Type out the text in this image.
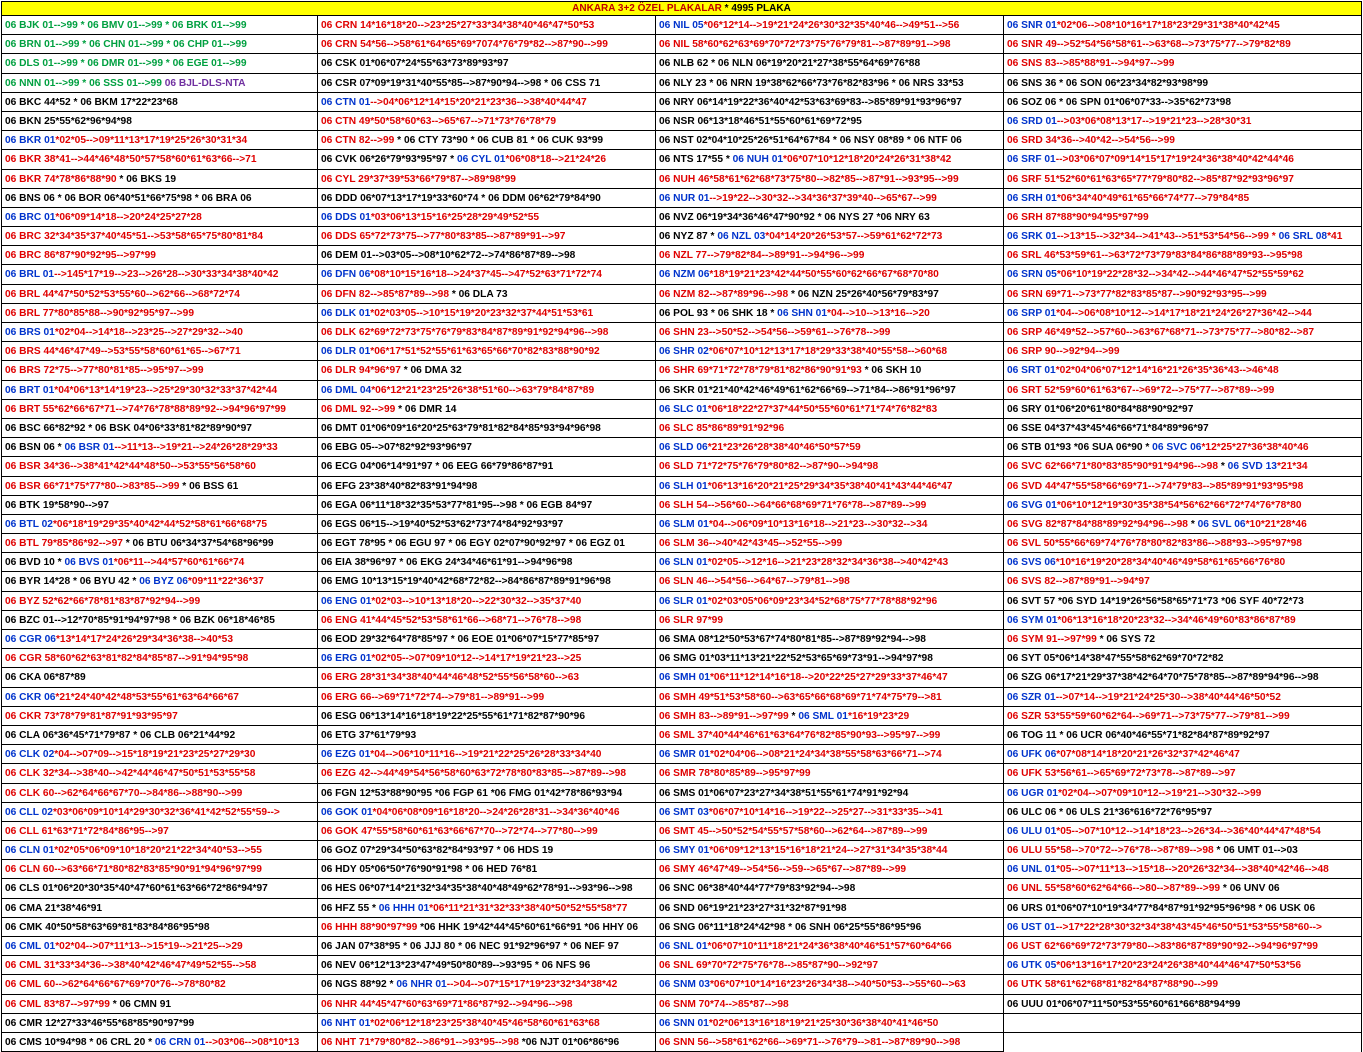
ANKARA 3+2 ÖZEL PLAKALAR * 4995 PLAKA
06 BJK 01-->99 * 06 BMV 01-->99 * 06 BRK 01-->99
06 BRN 01-->99 * 06 CHN 01-->99 * 06 CHP 01-->99
06 DLS 01-->99 * 06 DMR 01-->99 * 06 EGE 01-->99
06 NNN 01-->99 * 06 SSS 01-->99 06 BJL-DLS-NTA
06 BKC 44*52 * 06 BKM 17*22*23*68
06 BKN 25*55*62*96*94*98
06 BKR 01*02*05-->09*11*13*17*19*25*26*30*31*34
06 BKR 38*41-->44*46*48*50*57*58*60*61*63*66-->71
06 BKR 74*78*86*88*90 * 06 BKS 19
06 BNS 06 * 06 BOR 06*40*51*66*75*98 * 06 BRA 06
06 BRC 01*06*09*14*18-->20*24*25*27*28
06 BRC 32*34*35*37*40*45*51-->53*58*65*75*80*81*84
06 BRC 86*87*90*92*95-->97*99
06 BRL 01-->145*17*19-->23-->26*28-->30*33*34*38*40*42
06 BRL 44*47*50*52*53*55*60-->62*66-->68*72*74
06 BRL 77*80*85*88-->90*92*95*97-->99
06 BRS 01*02*04-->14*18-->23*25-->27*29*32-->40
06 BRS 44*46*47*49-->53*55*58*60*61*65-->67*71
06 BRS 72*75-->77*80*81*85-->95*97-->99
06 BRT 01*04*06*13*14*19*23-->25*29*30*32*33*37*42*44
06 BRT 55*62*66*67*71-->74*76*78*88*89*92-->94*96*97*99
06 BSC 66*82*92 * 06 BSK 04*06*33*81*82*89*90*97
06 BSN 06 * 06 BSR 01-->11*13-->19*21-->24*26*28*29*33
06 BSR 34*36-->38*41*42*44*48*50-->53*55*56*58*60
06 BSR 66*71*75*77*80-->83*85-->99 * 06 BSS 61
06 BTK 19*58*90-->97
06 BTL 02*06*18*19*29*35*40*42*44*52*58*61*66*68*75
06 BTL 79*85*86*92-->97 * 06 BTU 06*34*37*54*68*96*99
06 BVD 10 * 06 BVS 01*06*11-->44*57*60*61*66*74
06 BYR 14*28 * 06 BYU 42 * 06 BYZ 06*09*11*22*36*37
06 BYZ 52*62*66*78*81*83*87*92*94-->99
06 BZC 01-->12*70*85*91*94*97*98 * 06 BZK 06*18*46*85
06 CGR 06*13*14*17*24*26*29*34*36*38-->40*53
06 CGR 58*60*62*63*81*82*84*85*87-->91*94*95*98
06 CKA 06*87*89
06 CKR 06*21*24*40*42*48*53*55*61*63*64*66*67
06 CKR 73*78*79*81*87*91*93*95*97
06 CLA 06*36*45*71*79*87 * 06 CLB 06*21*44*92
06 CLK 02*04-->07*09-->15*18*19*21*23*25*27*29*30
06 CLK 32*34-->38*40-->42*44*46*47*50*51*53*55*58
06 CLK 60-->62*64*66*67*70-->84*86-->88*90-->99
06 CLL 02*03*06*09*10*14*29*30*32*36*41*42*52*55*59-->
06 CLL 61*63*71*72*84*86*95-->97
06 CLN 01*02*05*06*09*10*18*20*21*22*34*40*53-->55
06 CLN 60-->63*66*71*80*82*83*85*90*91*94*96*97*99
06 CLS 01*06*20*30*35*40*47*60*61*63*66*72*86*94*97
06 CMA 21*38*46*91
06 CMK 40*50*58*63*69*81*83*84*86*95*98
06 CML 01*02*04-->07*11*13-->15*19-->21*25-->29
06 CML 31*33*34*36-->38*40*42*46*47*49*52*55-->58
06 CML 60-->62*64*66*67*69*70*76-->78*80*82
06 CML 83*87-->97*99 * 06 CMN 91
06 CMR 12*27*33*46*55*68*85*90*97*99
06 CMS 10*94*98 * 06 CRL 20 * 06 CRN 01-->03*06-->08*10*13
06 CRN 14*16*18*20-->23*25*27*33*34*38*40*46*47*50*53
06 CRN 54*56-->58*61*64*65*69*7074*76*79*82-->87*90-->99
06 CSK 01*06*07*24*55*63*73*89*93*97
06 CSR 07*09*19*31*40*55*85-->87*90*94-->98 * 06 CSS 71
06 CTN 01-->04*06*12*14*15*20*21*23*36-->38*40*44*47
06 CTN 49*50*58*60*63-->65*67-->71*73*76*78*79
06 CTN 82-->99 * 06 CTY 73*90 * 06 CUB 81 * 06 CUK 93*99
06 CVK 06*26*79*93*95*97 * 06 CYL 01*06*08*18-->21*24*26
06 CYL 29*37*39*53*66*79*87-->89*98*99
06 DDD 06*07*13*17*19*33*60*74 * 06 DDM 06*62*79*84*90
06 DDS 01*03*06*13*15*16*25*28*29*49*52*55
06 DDS 65*72*73*75-->77*80*83*85-->87*89*91-->97
06 DEM 01-->03*05-->08*10*62*72-->74*86*87*89-->98
06 DFN 06*08*10*15*16*18-->24*37*45-->47*52*63*71*72*74
06 DFN 82-->85*87*89-->98 * 06 DLA 73
06 DLK 01*02*03*05-->10*15*19*20*23*32*37*44*51*53*61
06 DLK 62*69*72*73*75*76*79*83*84*87*89*91*92*94*96-->98
06 DLR 01*06*17*51*52*55*61*63*65*66*70*82*83*88*90*92
06 DLR 94*96*97 * 06 DMA 32
06 DML 04*06*12*21*23*25*26*38*51*60-->63*79*84*87*89
06 DML 92-->99 * 06 DMR 14
06 DMT 01*06*09*16*20*25*63*79*81*82*84*85*93*94*96*98
06 EBG 05-->07*82*92*93*96*97
06 ECG 04*06*14*91*97 * 06 EEG 66*79*86*87*91
06 EFG 23*38*40*82*83*91*94*98
06 EGA 06*11*18*32*35*53*77*81*95-->98 * 06 EGB 84*97
06 EGS 06*15-->19*40*52*53*62*73*74*84*92*93*97
06 EGT 78*95 * 06 EGU 97 * 06 EGY 02*07*90*92*97 * 06 EGZ 01
06 EIA 38*96*97 * 06 EKG 24*34*46*61*91-->94*96*98
06 EMG 10*13*15*19*40*42*68*72*82-->84*86*87*89*91*96*98
06 ENG 01*02*03-->10*13*18*20-->22*30*32-->35*37*40
06 ENG 41*44*45*52*53*58*61*66-->68*71-->76*78-->98
06 EOD 29*32*64*78*85*97 * 06 EOE 01*06*07*15*77*85*97
06 ERG 01*02*05-->07*09*10*12-->14*17*19*21*23-->25
06 ERG 28*31*34*38*40*44*46*48*52*55*56*58*60-->63
06 ERG 66-->69*71*72*74-->79*81-->89*91-->99
06 ESG 06*13*14*16*18*19*22*25*55*61*71*82*87*90*96
06 ETG 37*61*79*93
06 EZG 01*04-->06*10*11*16-->19*21*22*25*26*28*33*34*40
06 EZG 42-->44*49*54*56*58*60*63*72*78*80*83*85-->87*89-->98
06 FGN 12*53*88*90*95 *06 FGP 61 *06 FMG 01*42*78*86*93*94
06 GOK 01*04*06*08*09*16*18*20-->24*26*28*31-->34*36*40*46
06 GOK 47*55*58*60*61*63*66*67*70-->72*74-->77*80-->99
06 GOZ 07*29*34*50*63*82*84*93*97 * 06 HDS 19
06 HDY 05*06*50*76*90*91*98 * 06 HED 76*81
06 HES 06*07*14*21*32*34*35*38*40*48*49*62*78*91-->93*96-->98
06 HFZ 55 * 06 HHH 01*06*11*21*31*32*33*38*40*50*52*55*58*77
06 HHH 88*90*97*99 *06 HHK 19*42*44*45*60*61*66*91 *06 HHY 06
06 JAN 07*38*95 * 06 JJJ 80 * 06 NEC 91*92*96*97 * 06 NEF 97
06 NEV 06*12*13*23*47*49*50*80*89-->93*95 * 06 NFS 96
06 NGS 88*92 * 06 NHR 01-->04-->07*15*17*19*23*32*34*38*42
06 NHR 44*45*47*60*63*69*71*86*87*92-->94*96-->98
06 NHT 01*02*06*12*18*23*25*38*40*45*46*58*60*61*63*68
06 NHT 71*79*80*82-->86*91-->93*95-->98 *06 NJT 01*06*86*96
06 NIL 05*06*12*14-->19*21*24*26*30*32*35*40*46-->49*51-->56
06 NIL 58*60*62*63*69*70*72*73*75*76*79*81-->87*89*91-->98
06 NLB 62 * 06 NLN 06*19*20*21*27*38*55*64*69*76*88
06 NLY 23 * 06 NRN 19*38*62*66*73*76*82*83*96 * 06 NRS 33*53
06 NRY 06*14*19*22*36*40*42*53*63*69*83-->85*89*91*93*96*97
06 NSR 06*13*18*46*51*55*60*61*69*72*95
06 NST 02*04*10*25*26*51*64*67*84 * 06 NSY 08*89 * 06 NTF 06
06 NTS 17*55 * 06 NUH 01*06*07*10*12*18*20*24*26*31*38*42
06 NUH 46*58*61*62*68*73*75*80-->82*85-->87*91-->93*95-->99
06 NUR 01-->19*22-->30*32-->34*36*37*39*40-->65*67-->99
06 NVZ 06*19*34*36*46*47*90*92 * 06 NYS 27 *06 NRY 63
06 NYZ 87 * 06 NZL 03*04*14*20*26*53*57-->59*61*62*72*73
06 NZL 77-->79*82*84-->89*91-->94*96-->99
06 NZM 06*18*19*21*23*42*44*50*55*60*62*66*67*68*70*80
06 NZM 82-->87*89*96-->98 * 06 NZN 25*26*40*56*79*83*97
06 POL 93 * 06 SHK 18 * 06 SHN 01*04-->10-->13*16-->20
06 SHN 23-->50*52-->54*56-->59*61-->76*78-->99
06 SHR 02*06*07*10*12*13*17*18*29*33*38*40*55*58-->60*68
06 SHR 69*71*72*78*79*81*82*86*90*91*93 * 06 SKH 10
06 SKR 01*21*40*42*46*49*61*62*66*69-->71*84-->86*91*96*97
06 SLC 01*06*18*22*27*37*44*50*55*60*61*71*74*76*82*83
06 SLC 85*86*89*91*92*96
06 SLD 06*21*23*26*28*38*40*46*50*57*59
06 SLD 71*72*75*76*79*80*82-->87*90-->94*98
06 SLH 01*06*13*16*20*21*25*29*34*35*38*40*41*43*44*46*47
06 SLH 54-->56*60-->64*66*68*69*71*76*78-->87*89-->99
06 SLM 01*04-->06*09*10*13*16*18-->21*23-->30*32-->34
06 SLM 36-->40*42*43*45-->52*55-->99
06 SLN 01*02*05-->12*16-->21*23*28*32*34*36*38-->40*42*43
06 SLN 46-->54*56-->64*67-->79*81-->98
06 SLR 01*02*03*05*06*09*23*34*52*68*75*77*78*88*92*96
06 SLR 97*99
06 SMA 08*12*50*53*67*74*80*81*85-->87*89*92*94-->98
06 SMG 01*03*11*13*21*22*52*53*65*69*73*91-->94*97*98
06 SMH 01*06*11*12*14*16*18-->20*22*25*27*29*33*37*46*47
06 SMH 49*51*53*58*60-->63*65*66*68*69*71*74*75*79-->81
06 SMH 83-->89*91-->97*99 * 06 SML 01*16*19*23*29
06 SML 37*40*44*46*61*63*64*76*82*85*90*93-->95*97-->99
06 SMR 01*02*04*06-->08*21*24*34*38*55*58*63*66*71-->74
06 SMR 78*80*85*89-->95*97*99
06 SMS 01*06*07*23*27*34*38*51*55*61*74*91*92*94
06 SMT 03*06*07*10*14*16-->19*22-->25*27-->31*33*35-->41
06 SMT 45-->50*52*54*55*57*58*60-->62*64-->87*89-->99
06 SMY 01*06*09*12*13*15*16*18*21*24-->27*31*34*35*38*44
06 SMY 46*47*49-->54*56-->59-->65*67-->87*89-->99
06 SNC 06*38*40*44*77*79*83*92*94-->98
06 SND 06*19*21*23*27*31*32*87*91*98
06 SNG 06*11*18*24*42*98 * 06 SNH 06*25*55*86*95*96
06 SNL 01*06*07*10*11*18*21*24*36*38*40*46*51*57*60*64*66
06 SNL 69*70*72*75*76*78-->85*87*90-->92*97
06 SNM 03*06*07*10*14*16*23*26*34*38-->40*50*53-->55*60-->63
06 SNM 70*74-->85*87-->98
06 SNN 01*02*06*13*16*18*19*21*25*30*36*38*40*41*46*50
06 SNN 56-->58*61*62*66-->69*71-->76*79-->81-->87*89*90-->98
06 SNR 01*02*06-->08*10*16*17*18*23*29*31*38*40*42*45
06 SNR 49-->52*54*56*58*61-->63*68-->73*75*77-->79*82*89
06 SNS 83-->85*88*91-->94*97-->99
06 SNS 36 * 06 SON 06*23*34*82*93*98*99
06 SOZ 06 * 06 SPN 01*06*07*33-->35*62*73*98
06 SRD 01-->03*06*08*13*17-->19*21*23-->28*30*31
06 SRD 34*36-->40*42-->54*56-->99
06 SRF 01-->03*06*07*09*14*15*17*19*24*36*38*40*42*44*46
06 SRF 51*52*60*61*63*65*77*79*80*82-->85*87*92*93*96*97
06 SRH 01*06*34*40*49*61*65*66*74*77-->79*84*85
06 SRH 87*88*90*94*95*97*99
06 SRK 01-->13*15-->32*34-->41*43-->51*53*54*56-->99 * 06 SRL 08*41
06 SRL 46*53*59*61-->63*72*73*79*83*84*86*88*89*93-->95*98
06 SRN 05*06*10*19*22*28*32-->34*42-->44*46*47*52*55*59*62
06 SRN 69*71-->73*77*82*83*85*87-->90*92*93*95-->99
06 SRP 01*04-->06*08*10*12-->14*17*18*21*24*26*27*36*42-->44
06 SRP 46*49*52-->57*60-->63*67*68*71-->73*75*77-->80*82-->87
06 SRP 90-->92*94-->99
06 SRT 01*02*04*06*07*12*14*16*21*26*35*36*43-->46*48
06 SRT 52*59*60*61*63*67-->69*72-->75*77-->87*89-->99
06 SRY 01*06*20*61*80*84*88*90*92*97
06 SSE 04*37*43*45*46*66*71*84*89*96*97
06 STB 01*93 *06 SUA 06*90 * 06 SVC 06*12*25*27*36*38*40*46
06 SVC 62*66*71*80*83*85*90*91*94*96-->98 * 06 SVD 13*21*34
06 SVD 44*47*55*58*66*69*71-->74*79*83-->85*89*91*93*95*98
06 SVG 01*06*10*12*19*30*35*38*54*56*62*66*72*74*76*78*80
06 SVG 82*87*84*88*89*92*94*96-->98 * 06 SVL 06*10*21*28*46
06 SVL 50*55*66*69*74*76*78*80*82*83*86-->88*93-->95*97*98
06 SVS 06*10*16*19*20*28*34*40*46*49*58*61*65*66*76*80
06 SVS 82-->87*89*91-->94*97
06 SVT 57 *06 SYD 14*19*26*56*58*65*71*73 *06 SYF 40*72*73
06 SYM 01*06*13*16*18*20*23*32-->34*46*49*60*83*86*87*89
06 SYM 91-->97*99 * 06 SYS 72
06 SYT 05*06*14*38*47*55*58*62*69*70*72*82
06 SZG 06*17*21*29*37*38*42*64*70*75*78*85-->87*89*94*96-->98
06 SZR 01-->07*14-->19*21*24*25*30-->38*40*44*46*50*52
06 SZR 53*55*59*60*62*64-->69*71-->73*75*77-->79*81-->99
06 TOG 11 * 06 UCR 06*40*46*55*71*82*84*87*89*92*97
06 UFK 06*07*08*14*18*20*21*26*32*37*42*46*47
06 UFK 53*56*61-->65*69*72*73*78-->87*89-->97
06 UGR 01*02*04-->07*09*10*12-->19*21-->30*32-->99
06 ULC 06 * 06 ULS 21*36*616*72*76*95*97
06 ULU 01*05-->07*10*12-->14*18*23-->26*34-->36*40*44*47*48*54
06 ULU 55*58-->70*72-->76*78-->87*89-->98 * 06 UMT 01-->03
06 UNL 01*05-->07*11*13-->15*18-->20*26*32*34-->38*40*42*46-->48
06 UNL 55*58*60*62*64*66-->80-->87*89-->99 * 06 UNV 06
06 URS 01*06*07*10*19*34*77*84*87*91*92*95*96*98 * 06 USK 06
06 UST 01-->17*22*28*30*32*34*38*43*45*46*50*51*53*55*58*60-->
06 UST 62*66*69*72*73*79*80-->83*86*87*89*90*92-->94*96*97*99
06 UTK 05*06*13*16*17*20*23*24*26*38*40*44*46*47*50*53*56
06 UTK 58*61*62*68*81*82*84*87*88*90-->99
06 UUU 01*06*07*11*50*53*55*60*61*66*88*94*99
